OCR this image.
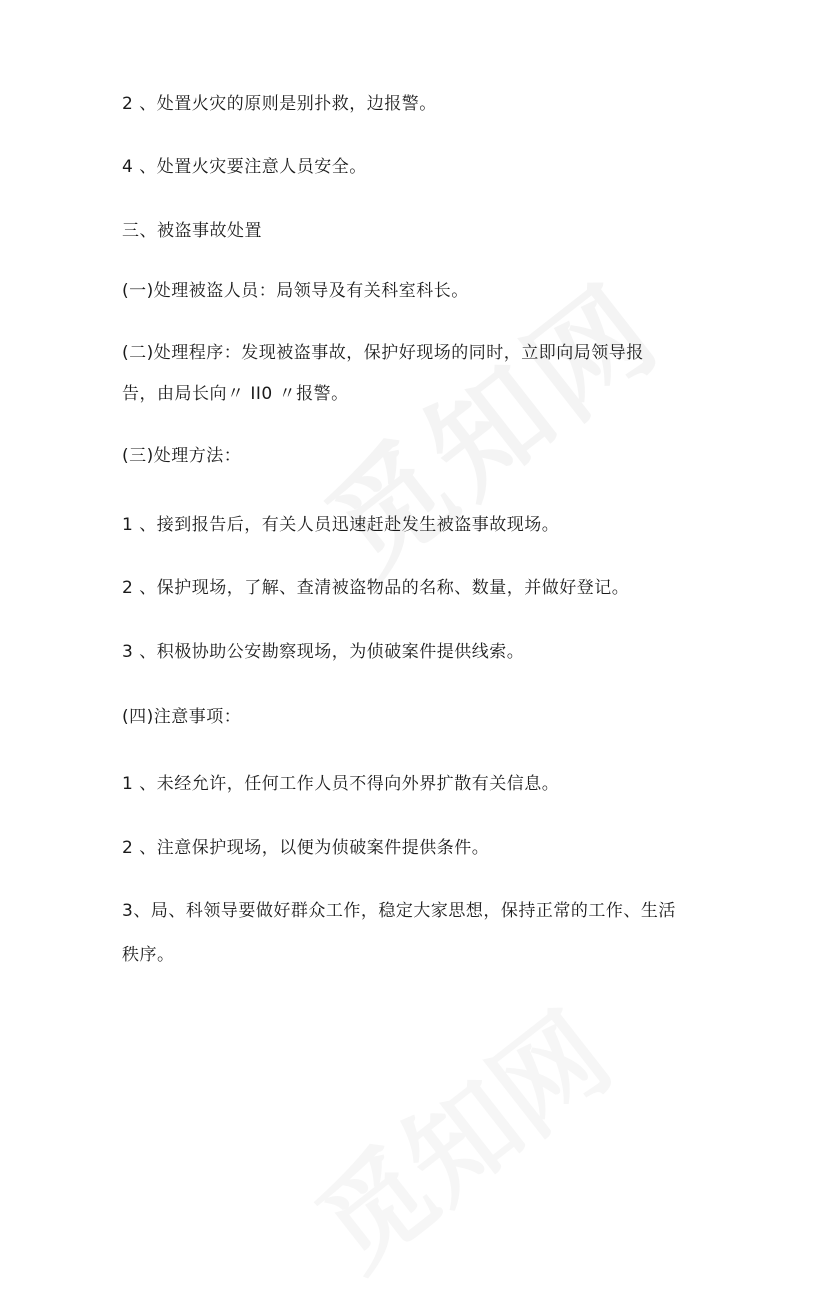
2 、处置火灾的原则是别扑救，边报警。
4 、处置火灾要注意人员安全。
三、被盗事故处置
(一)处理被盗人员：局领导及有关科室科长。
(二)处理程序：发现被盗事故，保护好现场的同时，立即向局领导报
告，由局长向〃 II0 〃报警。
(三)处理方法：
1 、接到报告后，有关人员迅速赶赴发生被盗事故现场。
2 、保护现场，了解、查清被盗物品的名称、数量，并做好登记。
3 、积极协助公安勘察现场，为侦破案件提供线索。
(四)注意事项：
1 、未经允许，任何工作人员不得向外界扩散有关信息。
2 、注意保护现场，以便为侦破案件提供条件。
3、局、科领导要做好群众工作，稳定大家思想，保持正常的工作、生活
秩序。
